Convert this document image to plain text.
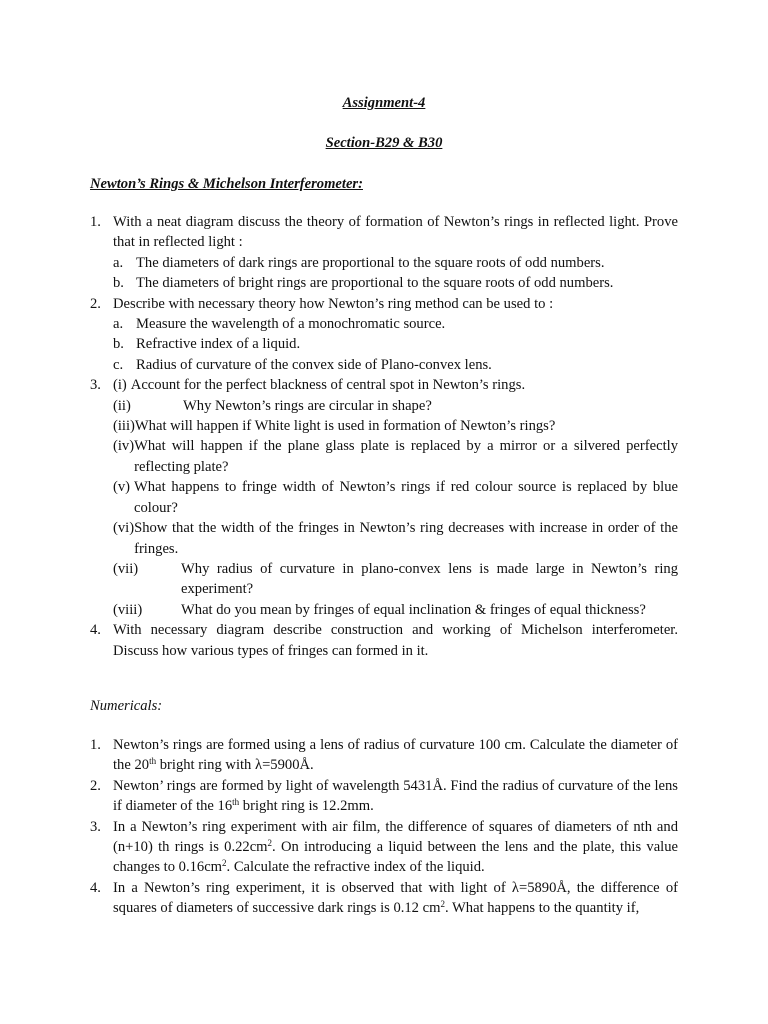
Assignment-4
Section-B29 & B30
Newton’s Rings & Michelson Interferometer:
1. With a neat diagram discuss the theory of formation of Newton’s rings in reflected light. Prove that in reflected light :
a. The diameters of dark rings are proportional to the square roots of odd numbers.
b. The diameters of bright rings are proportional to the square roots of odd numbers.
2. Describe with necessary theory how Newton’s ring method can be used to :
a. Measure the wavelength of a monochromatic source.
b. Refractive index of a liquid.
c. Radius of curvature of the convex side of Plano-convex lens.
3. (i) Account for the perfect blackness of central spot in Newton’s rings.
(ii)	Why Newton’s rings are circular in shape?
(iii) What will happen if White light is used in formation of Newton’s rings?
(iv) What will happen if the plane glass plate is replaced by a mirror or a silvered perfectly reflecting plate?
(v) What happens to fringe width of Newton’s rings if red colour source is replaced by blue colour?
(vi) Show that the width of the fringes in Newton’s ring decreases with increase in order of the fringes.
(vii)	Why radius of curvature in plano-convex lens is made large in Newton’s ring experiment?
(viii)	What do you mean by fringes of equal inclination & fringes of equal thickness?
4. With necessary diagram describe construction and working of Michelson interferometer. Discuss how various types of fringes can formed in it.
Numericals:
1. Newton’s rings are formed using a lens of radius of curvature 100 cm. Calculate the diameter of the 20th bright ring with λ=5900Å.
2. Newton’ rings are formed by light of wavelength 5431Å. Find the radius of curvature of the lens if diameter of the 16th bright ring is 12.2mm.
3. In a Newton’s ring experiment with air film, the difference of squares of diameters of nth and (n+10) th rings is $0.22cm^2$. On introducing a liquid between the lens and the plate, this value changes to $0.16cm^2$. Calculate the refractive index of the liquid.
4. In a Newton’s ring experiment, it is observed that with light of λ=5890Å, the difference of squares of diameters of successive dark rings is 0.12 $cm^2$. What happens to the quantity if,
